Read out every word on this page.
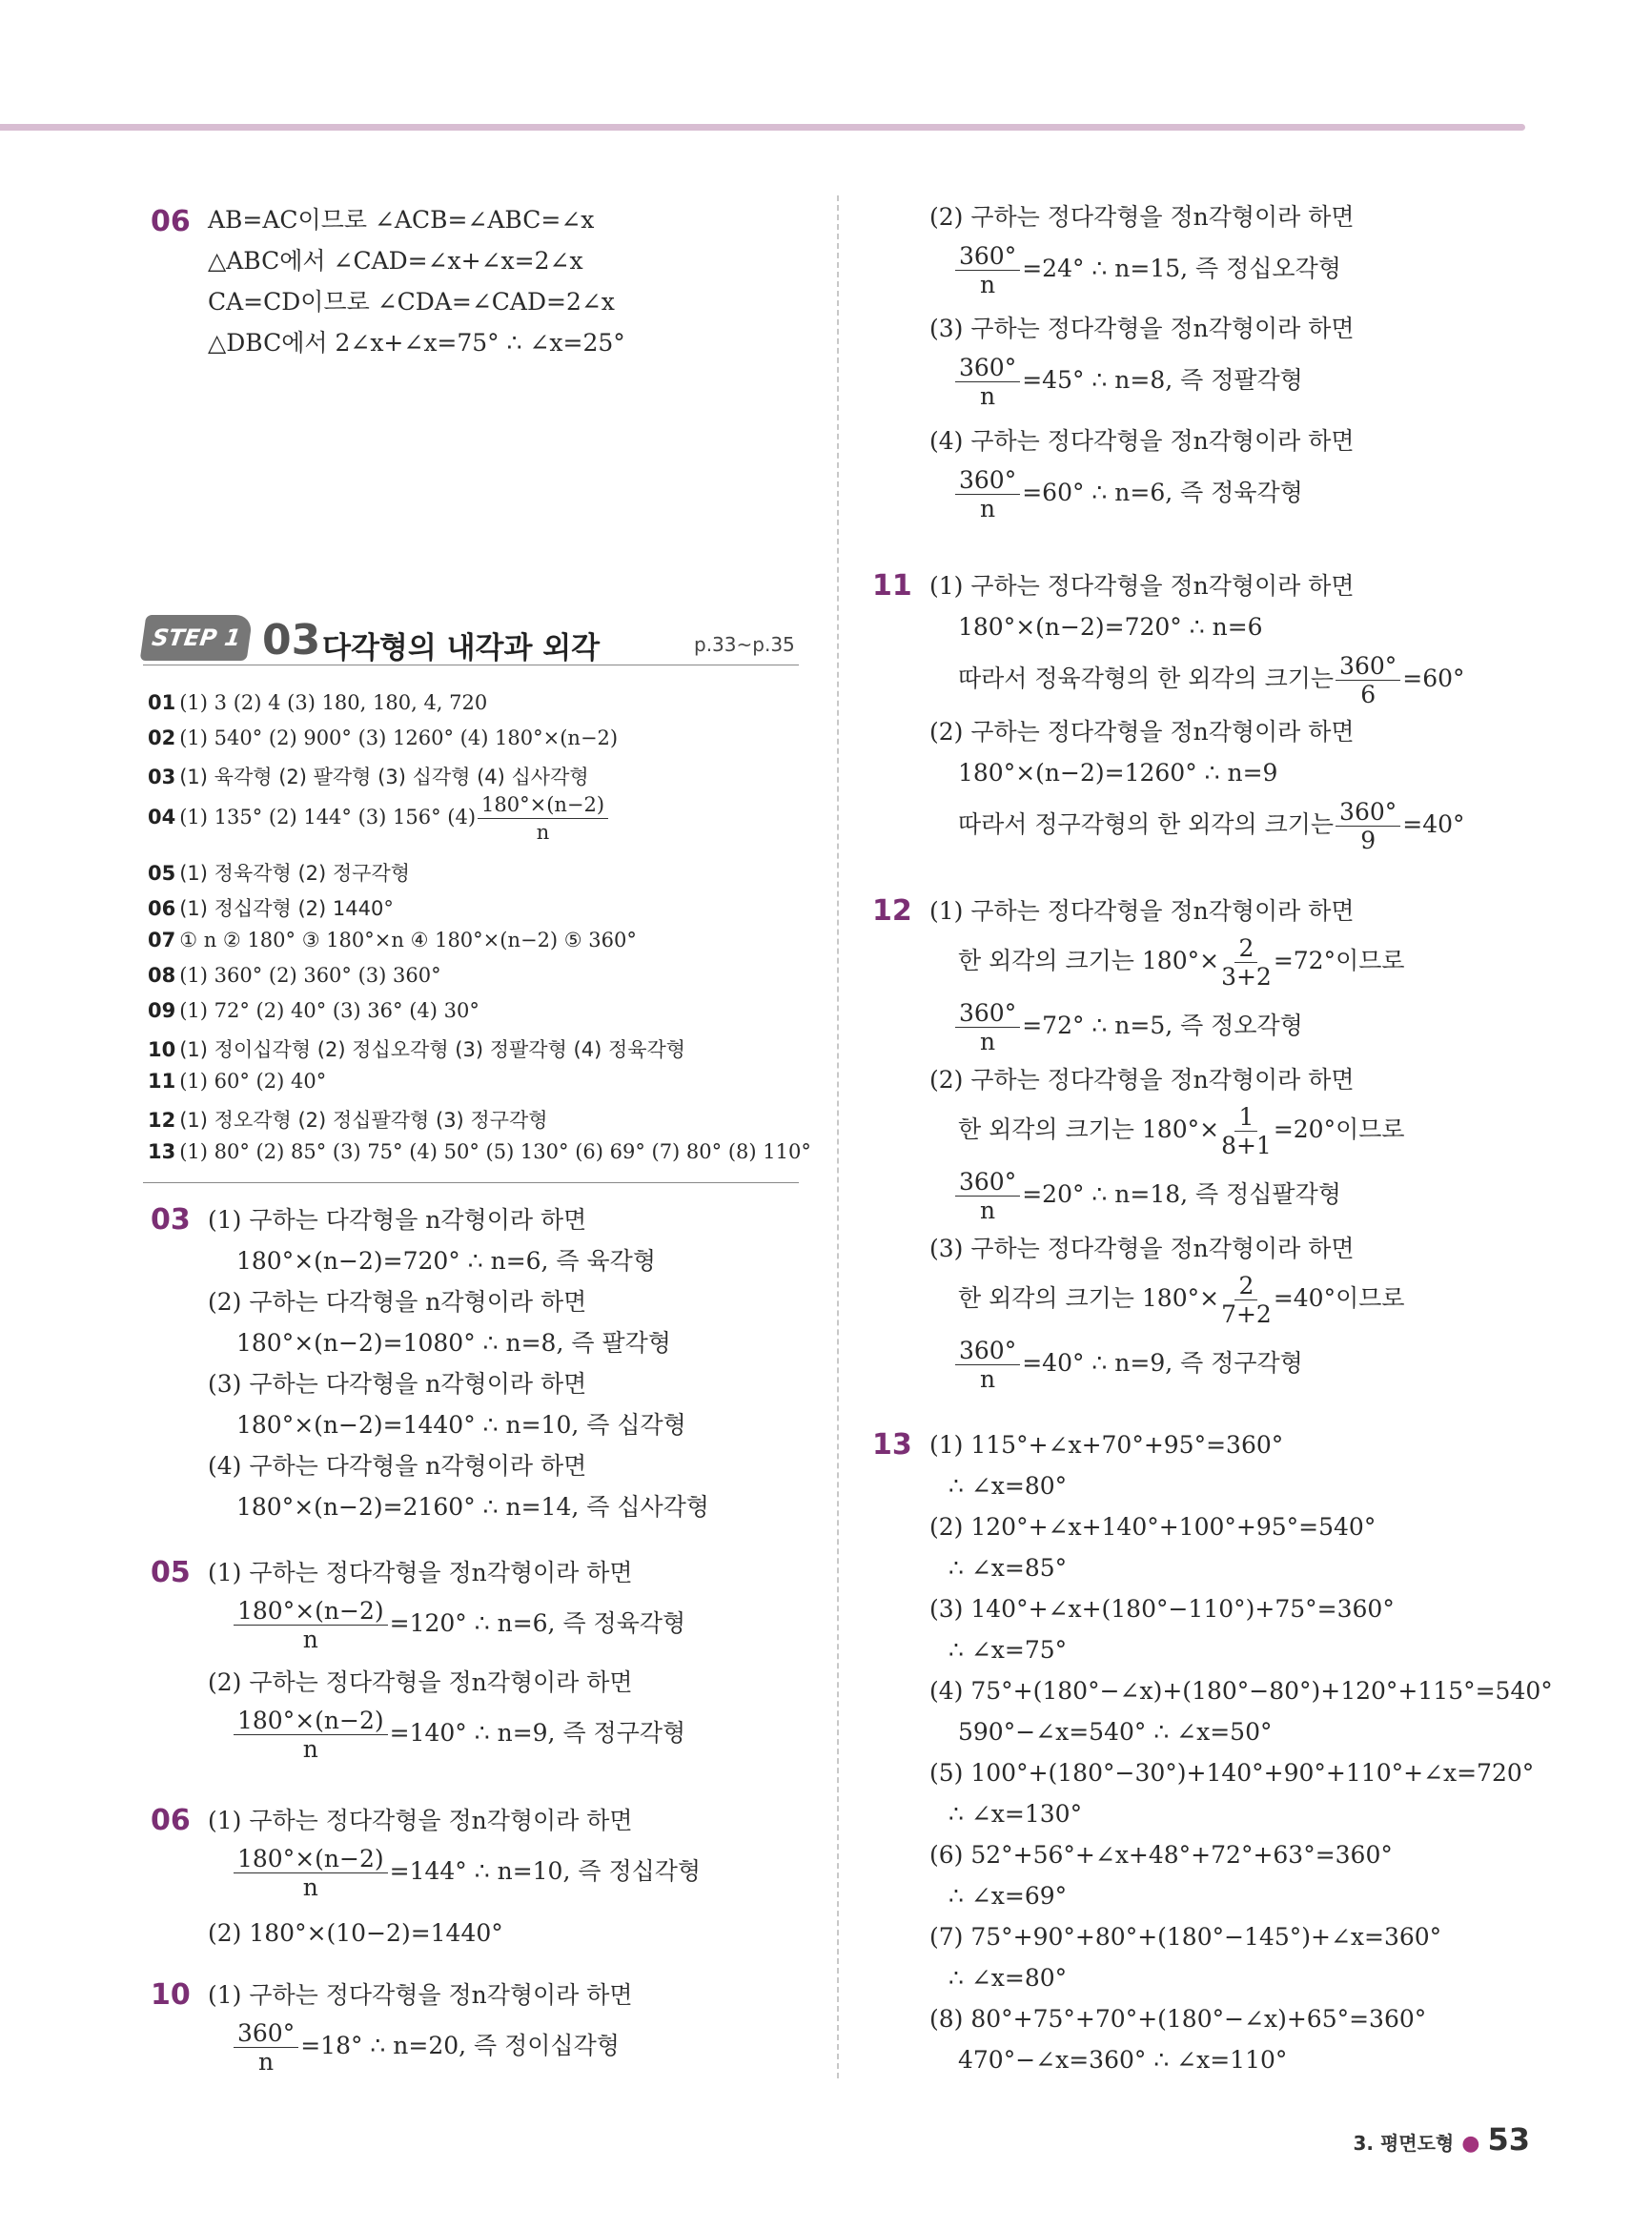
06 AB=AC이므로 ∠ACB=∠ABC=∠x
△ABC에서 ∠CAD=∠x+∠x=2∠x
CA=CD이므로 ∠CDA=∠CAD=2∠x
△DBC에서 2∠x+∠x=75° ∴ ∠x=25°
STEP 1 03 다각형의 내각과 외각	p.33~p.35
01 (1) 3 (2) 4 (3) 180, 180, 4, 720
02 (1) 540° (2) 900° (3) 1260° (4) 180°×(n−2)
03 (1) 육각형 (2) 팔각형 (3) 십각형 (4) 십사각형
04 (1) 135° (2) 144° (3) 156° $(4) \frac{180^\circ\times(n-2)}{n}$
05 (1) 정육각형 (2) 정구각형
06 (1) 정십각형 (2) 1440°
07 ① n ② 180° ③ 180°×n ④ 180°×(n−2) ⑤ 360°
08 (1) 360° (2) 360° (3) 360°
09 (1) 72° (2) 40° (3) 36° (4) 30°
10 (1) 정이십각형 (2) 정십오각형 (3) 정팔각형 (4) 정육각형
11 (1) 60° (2) 40°
12 (1) 정오각형 (2) 정십팔각형 (3) 정구각형
13 (1) 80° (2) 85° (3) 75° (4) 50° (5) 130° (6) 69° (7) 80° (8) 110°
03 (1) 구하는 다각형을 n각형이라 하면
180°×(n−2)=720° ∴ n=6, 즉 육각형
(2) 구하는 다각형을 n각형이라 하면
180°×(n−2)=1080° ∴ n=8, 즉 팔각형
(3) 구하는 다각형을 n각형이라 하면
180°×(n−2)=1440° ∴ n=10, 즉 십각형
(4) 구하는 다각형을 n각형이라 하면
180°×(n−2)=2160° ∴ n=14, 즉 십사각형
05 (1) 구하는 정다각형을 정n각형이라 하면
$\frac{180^\circ\times(n-2)}{n} =120^\circ$ ∴ n=6, 즉 정육각형
(2) 구하는 정다각형을 정n각형이라 하면
$\frac{180^\circ\times(n-2)}{n} =140^\circ$ ∴ n=9, 즉 정구각형
06 (1) 구하는 정다각형을 정n각형이라 하면
$\frac{180^\circ\times(n-2)}{n} =144^\circ$ ∴ n=10, 즉 정십각형
(2) 180°×(10−2)=1440°
10 (1) 구하는 정다각형을 정n각형이라 하면
$\frac{360^\circ}{n} =18^\circ$ ∴ n=20, 즉 정이십각형
(2) 구하는 정다각형을 정n각형이라 하면
$\frac{360^\circ}{n} =24^\circ$ ∴ n=15, 즉 정십오각형
(3) 구하는 정다각형을 정n각형이라 하면
$\frac{360^\circ}{n} =45^\circ$ ∴ n=8, 즉 정팔각형
(4) 구하는 정다각형을 정n각형이라 하면
$\frac{360^\circ}{n} =60^\circ$ ∴ n=6, 즉 정육각형
11 (1) 구하는 정다각형을 정n각형이라 하면
180°×(n−2)=720° ∴ n=6
따라서 정육각형의 한 외각의 크기는 $\frac{360^\circ}{6} =60^\circ$
(2) 구하는 정다각형을 정n각형이라 하면
180°×(n−2)=1260° ∴ n=9
따라서 정구각형의 한 외각의 크기는 $\frac{360^\circ}{9} =40^\circ$
12 (1) 구하는 정다각형을 정n각형이라 하면
한 외각의 크기는 $180^\circ\times \frac{2}{3+2} =72^\circ$이므로
$\frac{360^\circ}{n} =72^\circ$ ∴ n=5, 즉 정오각형
(2) 구하는 정다각형을 정n각형이라 하면
한 외각의 크기는 $180^\circ\times \frac{1}{8+1} =20^\circ$이므로
$\frac{360^\circ}{n} =20^\circ$ ∴ n=18, 즉 정십팔각형
(3) 구하는 정다각형을 정n각형이라 하면
한 외각의 크기는 $180^\circ\times \frac{2}{7+2} =40^\circ$이므로
$\frac{360^\circ}{n} =40^\circ$ ∴ n=9, 즉 정구각형
13 (1) 115°+∠x+70°+95°=360°
∴ ∠x=80°
(2) 120°+∠x+140°+100°+95°=540°
∴ ∠x=85°
(3) 140°+∠x+(180°−110°)+75°=360°
∴ ∠x=75°
(4) 75°+(180°−∠x)+(180°−80°)+120°+115°=540°
590°−∠x=540° ∴ ∠x=50°
(5) 100°+(180°−30°)+140°+90°+110°+∠x=720°
∴ ∠x=130°
(6) 52°+56°+∠x+48°+72°+63°=360°
∴ ∠x=69°
(7) 75°+90°+80°+(180°−145°)+∠x=360°
∴ ∠x=80°
(8) 80°+75°+70°+(180°−∠x)+65°=360°
470°−∠x=360° ∴ ∠x=110°
3. 평면도형 ● 53
